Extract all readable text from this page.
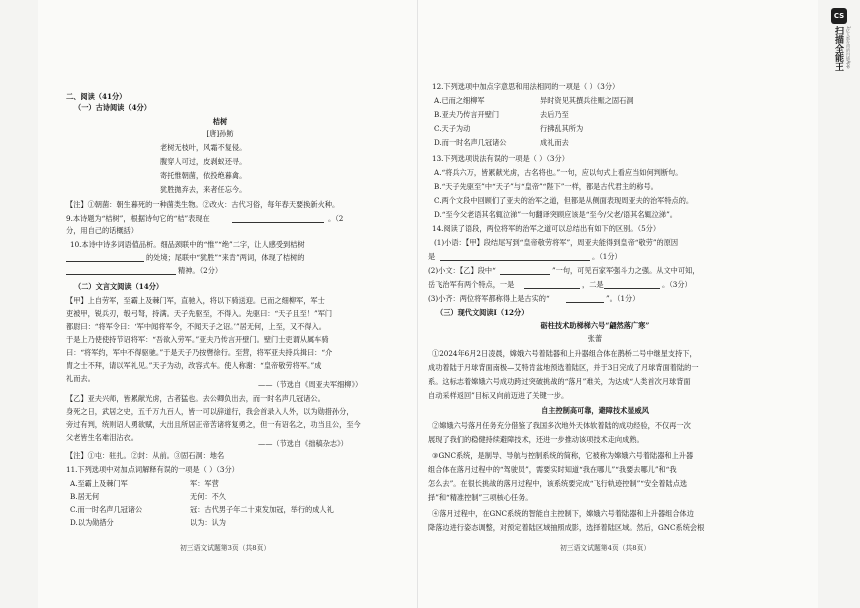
CS
扫描全能王 3亿人都在用的扫描App
二、阅读（41分）
（一）古诗阅读（4分）
桔树
[唐]孙鲂
老树无枝叶，风霜不复侵。
腹穿人可过，皮剥蚁还寻。
寄托惟朝菌，依投绝暮禽。
犹胜拋弃去，来者任忘今。
【注】①朝菌：朝生暮死的一种菌类生物。②改火：古代习俗，每年春天要换新火种。
9.本诗题为“桔树”，根据诗句它的“桔”表现在	。（2
分，用自己的话概括）
10.本诗中诗多词语值品析。细品颈联中的“惟”“绝”二字，让人感受到桔树
的处境；尾联中“犹胜”“来肯”两词，体现了桔树的
精神。（2分）
（二）文言文阅读（14分）
【甲】上自劳军，至霸上及棘门军，直驰入，将以下骑送迎。已而之细柳军，军士
吏被甲，锐兵刃，彀弓弩，持满。天子先驱至，不得入。先驱曰：“天子且至！”军门
都尉曰：“将军令曰：‘军中闻将军令，不闻天子之诏。’”居无何，上至，又不得入。
于是上乃使使持节诏将军：“吾欲入劳军。”亚夫乃传言开壁门。壁门士吏谓从属车骑
曰：“将军约，军中不得驱驰。”于是天子乃按辔徐行。至营，将军亚夫持兵揖曰：“介
胄之士不拜，请以军礼见。”天子为动，改容式车。使人称谢：“皇帝敬劳将军。”成
礼而去。
——（节选自《周亚夫军细柳》）
【乙】亚夫兴师，皆累献光虏，古者猛也。去公卿负出去，而一时名声几冠诸公。
身死之日，武居之史，五千万九百人，皆一可以辞道行，我会首录入人外，以为勋措孙分，
旁过有判，统则诏人勇欲赋，大出且所居正帝苦诸将复勇之，但一有诏名之，功当且公，至今
父老皆生名难泪沾衣。
——（节选自《拙稿杂志》）
【注】①屯：驻扎。②封：从前。③固石洞：地名
11.下列选项中对加点词解释有误的一项是（ ）（3分）
A.至霸上及棘门军	军：军营
B.居无何	无何：不久
C.而一时名声几冠诸公	冠：古代男子年二十束发加冠，举行的成人礼
D.以为勋措分	以为：认为
初三语文试题第3页（共8页）
12.下列选项中加点字意思和用法相同的一项是（ ）（3分）
A.已而之细柳军	异时资见其撰兵往赈之固石洞
B.亚夫乃传言开壁门	去后乃至
C.天子为动	行拂乱其所为
D.而一时名声几冠诸公	成礼而去
13.下列选项说法有误的一项是（ ）（3分）
A.“将兵六万，皆累献光虏，古名将也。”一句，应以句式上看应当如何判断句。
B.“天子先驱至”中“天子”与“皇帝”“陛下”一样，都是古代君主的称号。
C.两个文段中回顾们了亚夫的治军之道，但都是从侧面表现周亚夫的治军特点的。
D.“至今父老语其名辄泣涕”一句翻译突顾应该是“至今/父老/语其名辄泣涕”。
14.阅读了语段，两位将军的治军之道可以总结出有如下的区别。（5分）
(1)小语：【甲】段结尾写到“皇帝敬劳将军”，周亚夫能得到皇帝“敬劳”的原因
是	。（1分）
(2)小文：【乙】段中“	”一句，可见百家军强斗力之强。从文中可知，
岳飞治军有两个特点，一是	，二是	。（3分）
(3)小齐：两位将军都称得上是古实的“	”。（1分）
（三）现代文阅读Ⅰ（12分）
砺柱技术助梯梯六号“翩然落广寒”
张蕾
①2024年6月2日凌晨，嫦娥六号着陆器和上升器组合体在鹊桥二号中继星支持下，
成功着陆于月球背面南极—艾特肯盆地预选着陆区，并于3日完成了月球背面着陆的一
系。这标志着嫦娥六号成功跨过突破挑战的“落月”难关，为达成“人类首次月球背面
自动采样返回”目标又向前迈进了关键一步。
自主控制高可靠，避障技术显威风
②嫦娥六号落月任务充分借鉴了我国多次地外天体软着陆的成功经验，不仅再一次
展现了我们的稳健持续避障技术，还进一步推动该项技术走向成熟。
③GNC系统，是制导、导航与控制系统的简称，它被称为嫦娥六号着陆器和上升器
组合体在落月过程中的“驾驶员”，需要实时知道“我在哪儿”“我要去哪儿”和“我
怎么去”。在很长挑战的落月过程中，该系统要完成“飞行轨迹控制”“安全着陆点选
择”和“精准控制”三项核心任务。
④落月过程中，在GNC系统的智能自主控制下，嫦娥六号着陆器和上升器组合体边
降落边进行姿态调整，对预定着陆区域抽照成影，选择着陆区域。然后，GNC系统会根
初三语文试题第4页（共8页）
